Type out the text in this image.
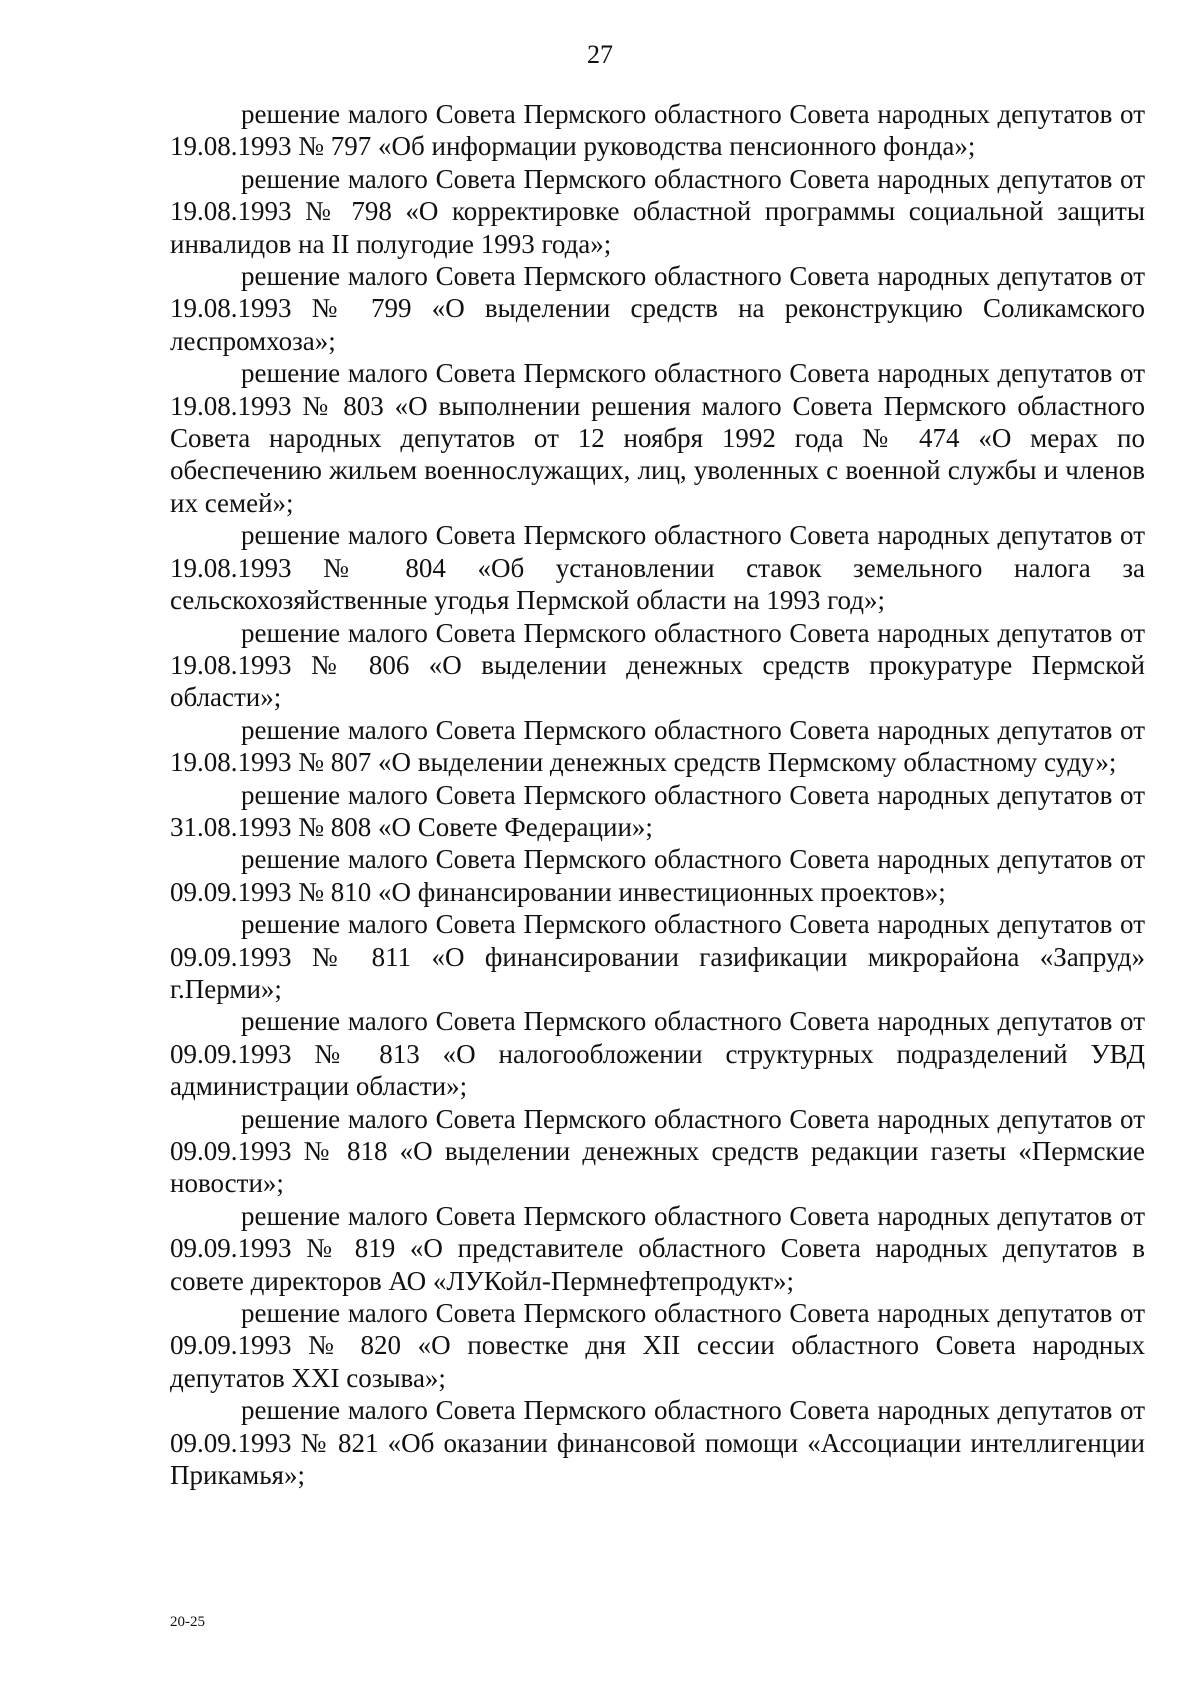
27

решение малого Совета Пермского областного Совета народных депутатов от 19.08.1993 № 797 «Об информации руководства пенсионного фонда»;

решение малого Совета Пермского областного Совета народных депутатов от 19.08.1993 № 798 «О корректировке областной программы социальной защиты инвалидов на II полугодие 1993 года»;

решение малого Совета Пермского областного Совета народных депутатов от 19.08.1993 № 799 «О выделении средств на реконструкцию Соликамского леспромхоза»;

решение малого Совета Пермского областного Совета народных депутатов от 19.08.1993 № 803 «О выполнении решения малого Совета Пермского областного Совета народных депутатов от 12 ноября 1992 года № 474 «О мерах по обеспечению жильем военнослужащих, лиц, уволенных с военной службы и членов их семей»;

решение малого Совета Пермского областного Совета народных депутатов от 19.08.1993 № 804 «Об установлении ставок земельного налога за сельскохозяйственные угодья Пермской области на 1993 год»;

решение малого Совета Пермского областного Совета народных депутатов от 19.08.1993 № 806 «О выделении денежных средств прокуратуре Пермской области»;

решение малого Совета Пермского областного Совета народных депутатов от 19.08.1993 № 807 «О выделении денежных средств Пермскому областному суду»;

решение малого Совета Пермского областного Совета народных депутатов от 31.08.1993 № 808 «О Совете Федерации»;

решение малого Совета Пермского областного Совета народных депутатов от 09.09.1993 № 810 «О финансировании инвестиционных проектов»;

решение малого Совета Пермского областного Совета народных депутатов от 09.09.1993 № 811 «О финансировании газификации микрорайона «Запруд» г.Перми»;

решение малого Совета Пермского областного Совета народных депутатов от 09.09.1993 № 813 «О налогообложении структурных подразделений УВД администрации области»;

решение малого Совета Пермского областного Совета народных депутатов от 09.09.1993 № 818 «О выделении денежных средств редакции газеты «Пермские новости»;

решение малого Совета Пермского областного Совета народных депутатов от 09.09.1993 № 819 «О представителе областного Совета народных депутатов в совете директоров АО «ЛУКойл-Пермнефтепродукт»;

решение малого Совета Пермского областного Совета народных депутатов от 09.09.1993 № 820 «О повестке дня XII сессии областного Совета народных депутатов XXI созыва»;

решение малого Совета Пермского областного Совета народных депутатов от 09.09.1993 № 821 «Об оказании финансовой помощи «Ассоциации интеллигенции Прикамья»;

20-25
